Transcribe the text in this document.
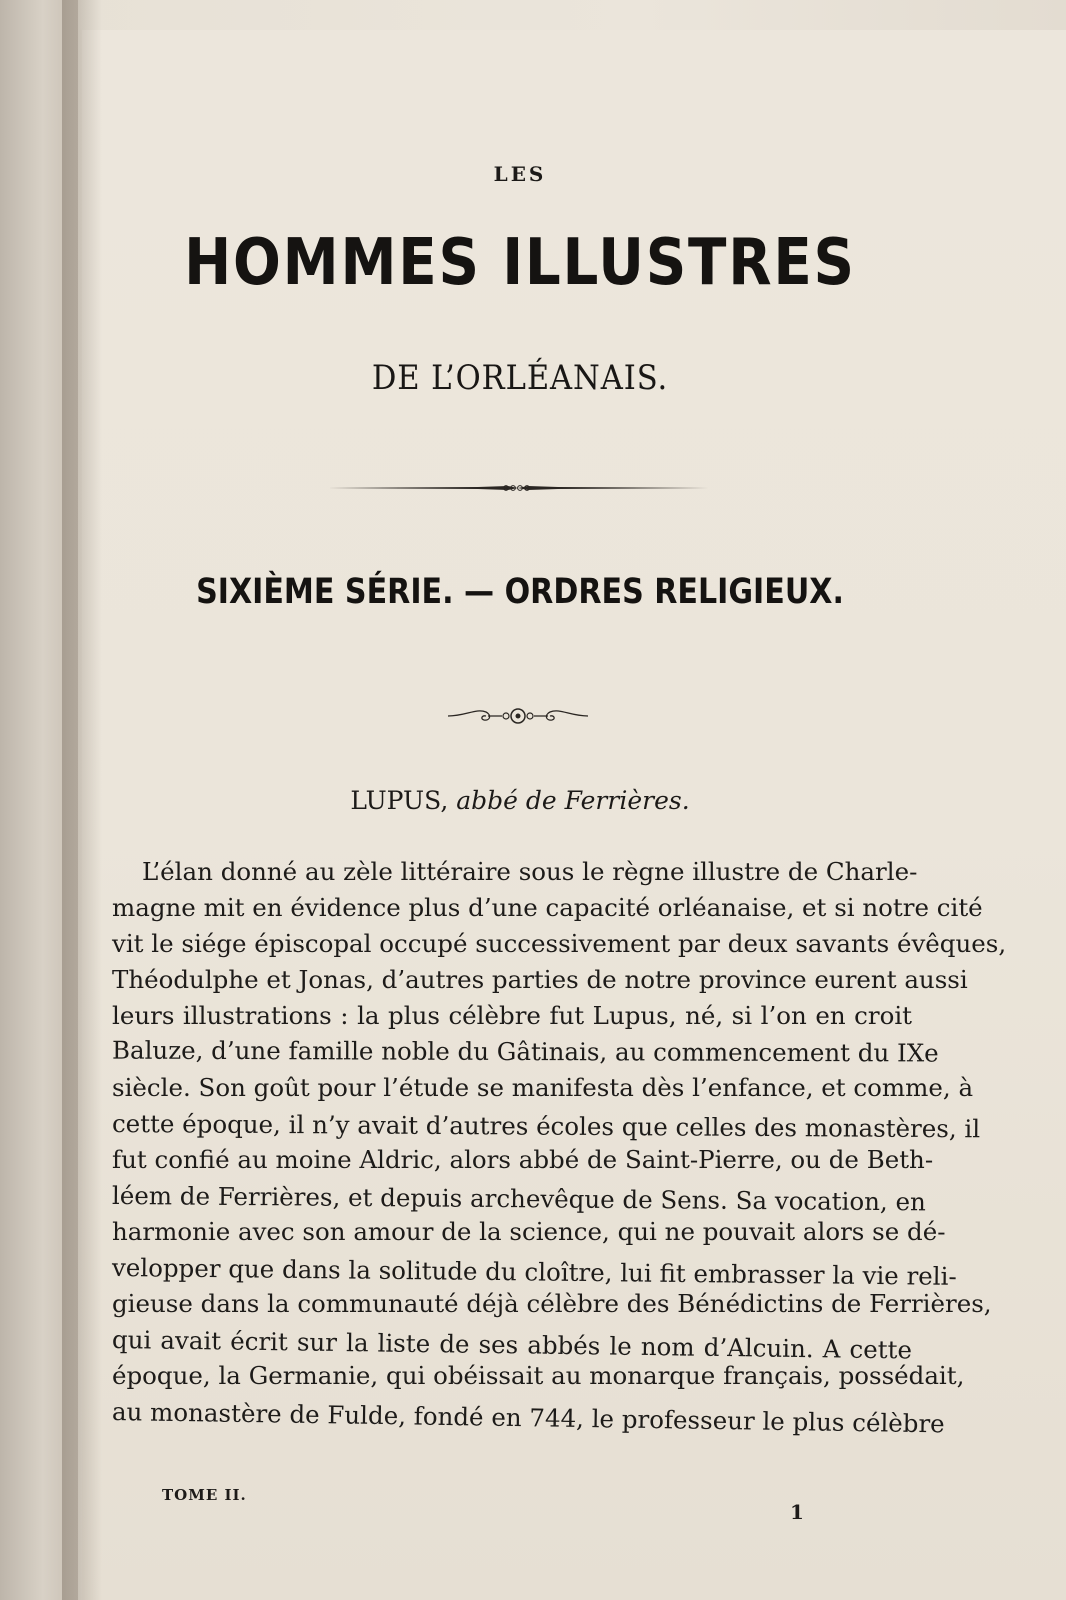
LES
HOMMES ILLUSTRES
DE L’ORLÉANAIS.
SIXIÈME SÉRIE. — ORDRES RELIGIEUX.
LUPUS, abbé de Ferrières.
L’élan donné au zèle littéraire sous le règne illustre de Charle-
magne mit en évidence plus d’une capacité orléanaise, et si notre cité
vit le siége épiscopal occupé successivement par deux savants évêques,
Théodulphe et Jonas, d’autres parties de notre province eurent aussi
leurs illustrations : la plus célèbre fut Lupus, né, si l’on en croit
Baluze, d’une famille noble du Gâtinais, au commencement du IXe
siècle. Son goût pour l’étude se manifesta dès l’enfance, et comme, à
cette époque, il n’y avait d’autres écoles que celles des monastères, il
fut confié au moine Aldric, alors abbé de Saint-Pierre, ou de Beth-
léem de Ferrières, et depuis archevêque de Sens. Sa vocation, en
harmonie avec son amour de la science, qui ne pouvait alors se dé-
velopper que dans la solitude du cloître, lui fit embrasser la vie reli-
gieuse dans la communauté déjà célèbre des Bénédictins de Ferrières,
qui avait écrit sur la liste de ses abbés le nom d’Alcuin. A cette
époque, la Germanie, qui obéissait au monarque français, possédait,
au monastère de Fulde, fondé en 744, le professeur le plus célèbre
TOME II.
1
